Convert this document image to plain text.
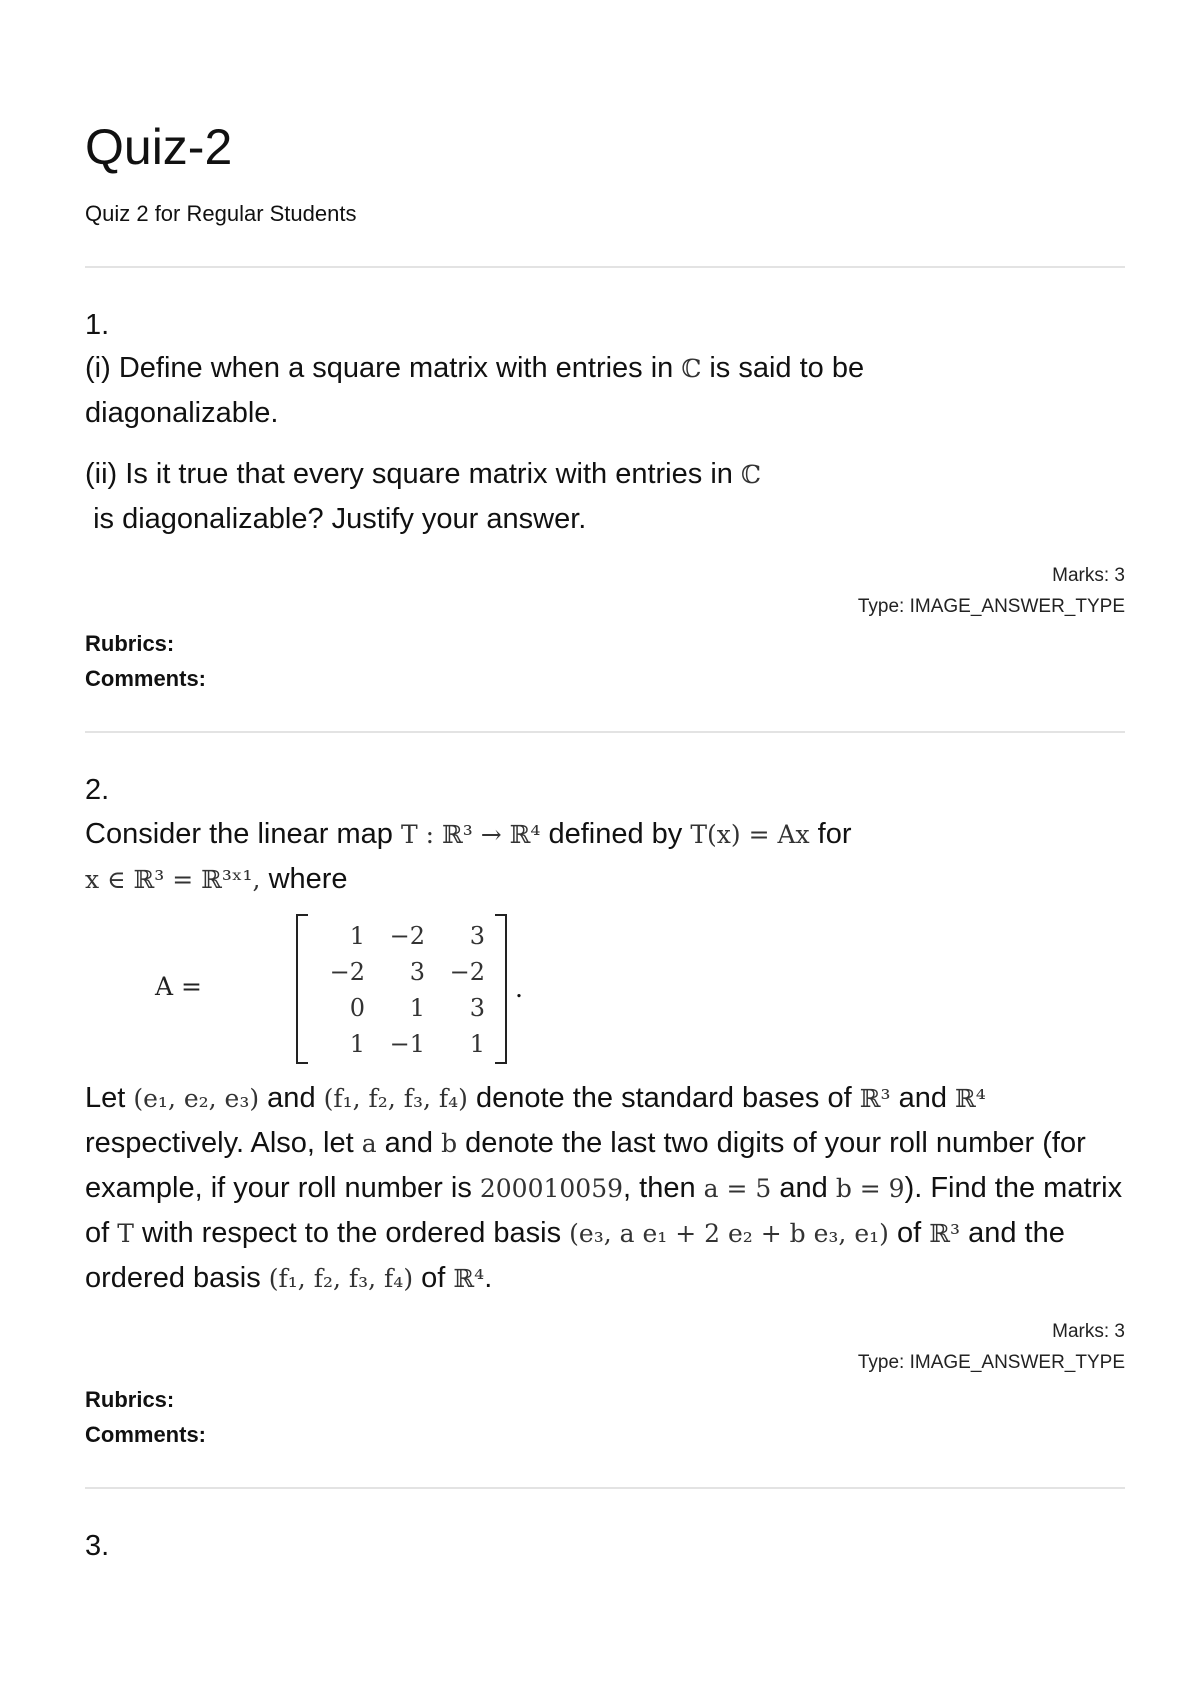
Quiz-2
Quiz 2 for Regular Students
1.

(i) Define when a square matrix with entries in ℂ is said to be diagonalizable.

(ii) Is it true that every square matrix with entries in ℂ

is diagonalizable? Justify your answer.

Marks: 3
Type: IMAGE_ANSWER_TYPE
Rubrics:
Comments:
2.

Consider the linear map T : ℝ³ → ℝ⁴ defined by T(x) = Ax for

x ∈ ℝ³ = ℝ³ˣ¹, where

A =
1	−2	3
−2	3	−2
0	1	3
1	−1	1
.

Let (e₁, e₂, e₃) and (f₁, f₂, f₃, f₄) denote the standard bases of ℝ³ and ℝ⁴ respectively. Also, let a and b denote the last two digits of your roll number (for example, if your roll number is 200010059, then a = 5 and b = 9). Find the matrix of T with respect to the ordered basis (e₃, a e₁ + 2 e₂ + b e₃, e₁) of ℝ³ and the ordered basis (f₁, f₂, f₃, f₄) of ℝ⁴.

Marks: 3
Type: IMAGE_ANSWER_TYPE
Rubrics:
Comments:
3.
